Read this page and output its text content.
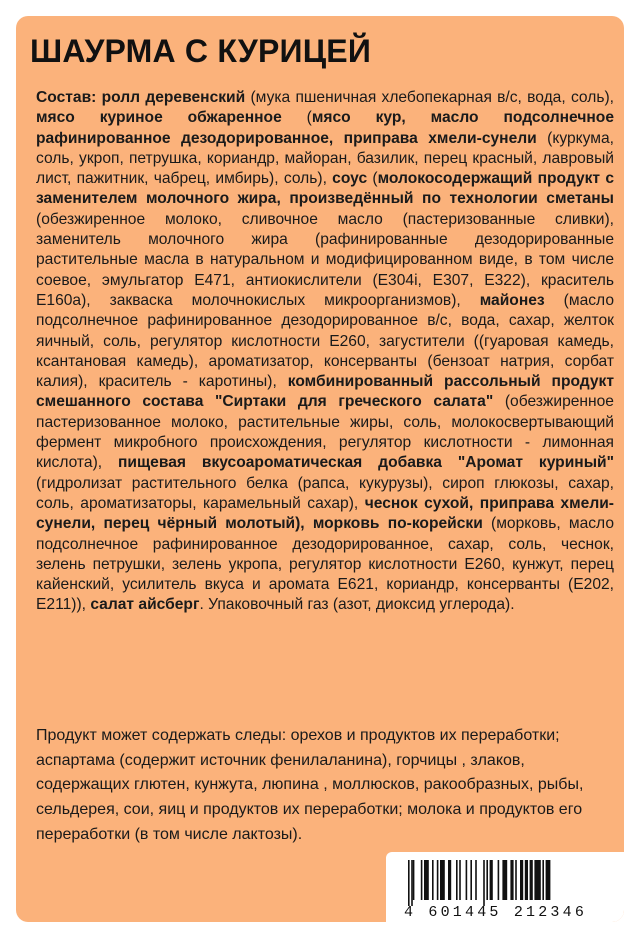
ШАУРМА С КУРИЦЕЙ

Состав: ролл деревенский (мука пшеничная хлебопекарная в/с, вода, соль), мясо куриное обжаренное (мясо кур, масло подсолнечное рафинированное дезодорированное, приправа хмели-сунели (куркума, соль, укроп, петрушка, кориандр, майоран, базилик, перец красный, лавровый лист, пажитник, чабрец, имбирь), соль), соус (молокосодержащий продукт с заменителем молочного жира, произведённый по технологии сметаны (обезжиренное молоко, сливочное масло (пастеризованные сливки), заменитель молочного жира (рафинированные дезодорированные растительные масла в натуральном и модифицированном виде, в том числе соевое, эмульгатор Е471, антиокислители (Е304i, Е307, Е322), краситель Е160а), закваска молочнокислых микроорганизмов), майонез (масло подсолнечное рафинированное дезодорированное в/с, вода, сахар, желток яичный, соль, регулятор кислотности Е260, загустители ((гуаровая камедь, ксантановая камедь), ароматизатор, консерванты (бензоат натрия, сорбат калия), краситель - каротины), комбинированный рассольный продукт смешанного состава "Сиртаки для греческого салата" (обезжиренное пастеризованное молоко, растительные жиры, соль, молокосвертывающий фермент микробного происхождения, регулятор кислотности - лимонная кислота), пищевая вкусоароматическая добавка "Аромат куриный" (гидролизат растительного белка (рапса, кукурузы), сироп глюкозы, сахар, соль, ароматизаторы, карамельный сахар), чеснок сухой, приправа хмели-сунели, перец чёрный молотый), морковь по-корейски (морковь, масло подсолнечное рафинированное дезодорированное, сахар, соль, чеснок, зелень петрушки, зелень укропа, регулятор кислотности Е260, кунжут, перец кайенский, усилитель вкуса и аромата Е621, кориандр, консерванты (Е202, Е211)), салат айсберг. Упаковочный газ (азот, диоксид углерода).

Продукт может содержать следы: орехов и продуктов их переработки; аспартама (содержит источник фенилаланина), горчицы , злаков, содержащих глютен, кунжута, люпина , моллюсков, ракообразных, рыбы, сельдерея, сои, яиц и продуктов их переработки; молока и продуктов его переработки (в том числе лактозы).

4 601445 212346
